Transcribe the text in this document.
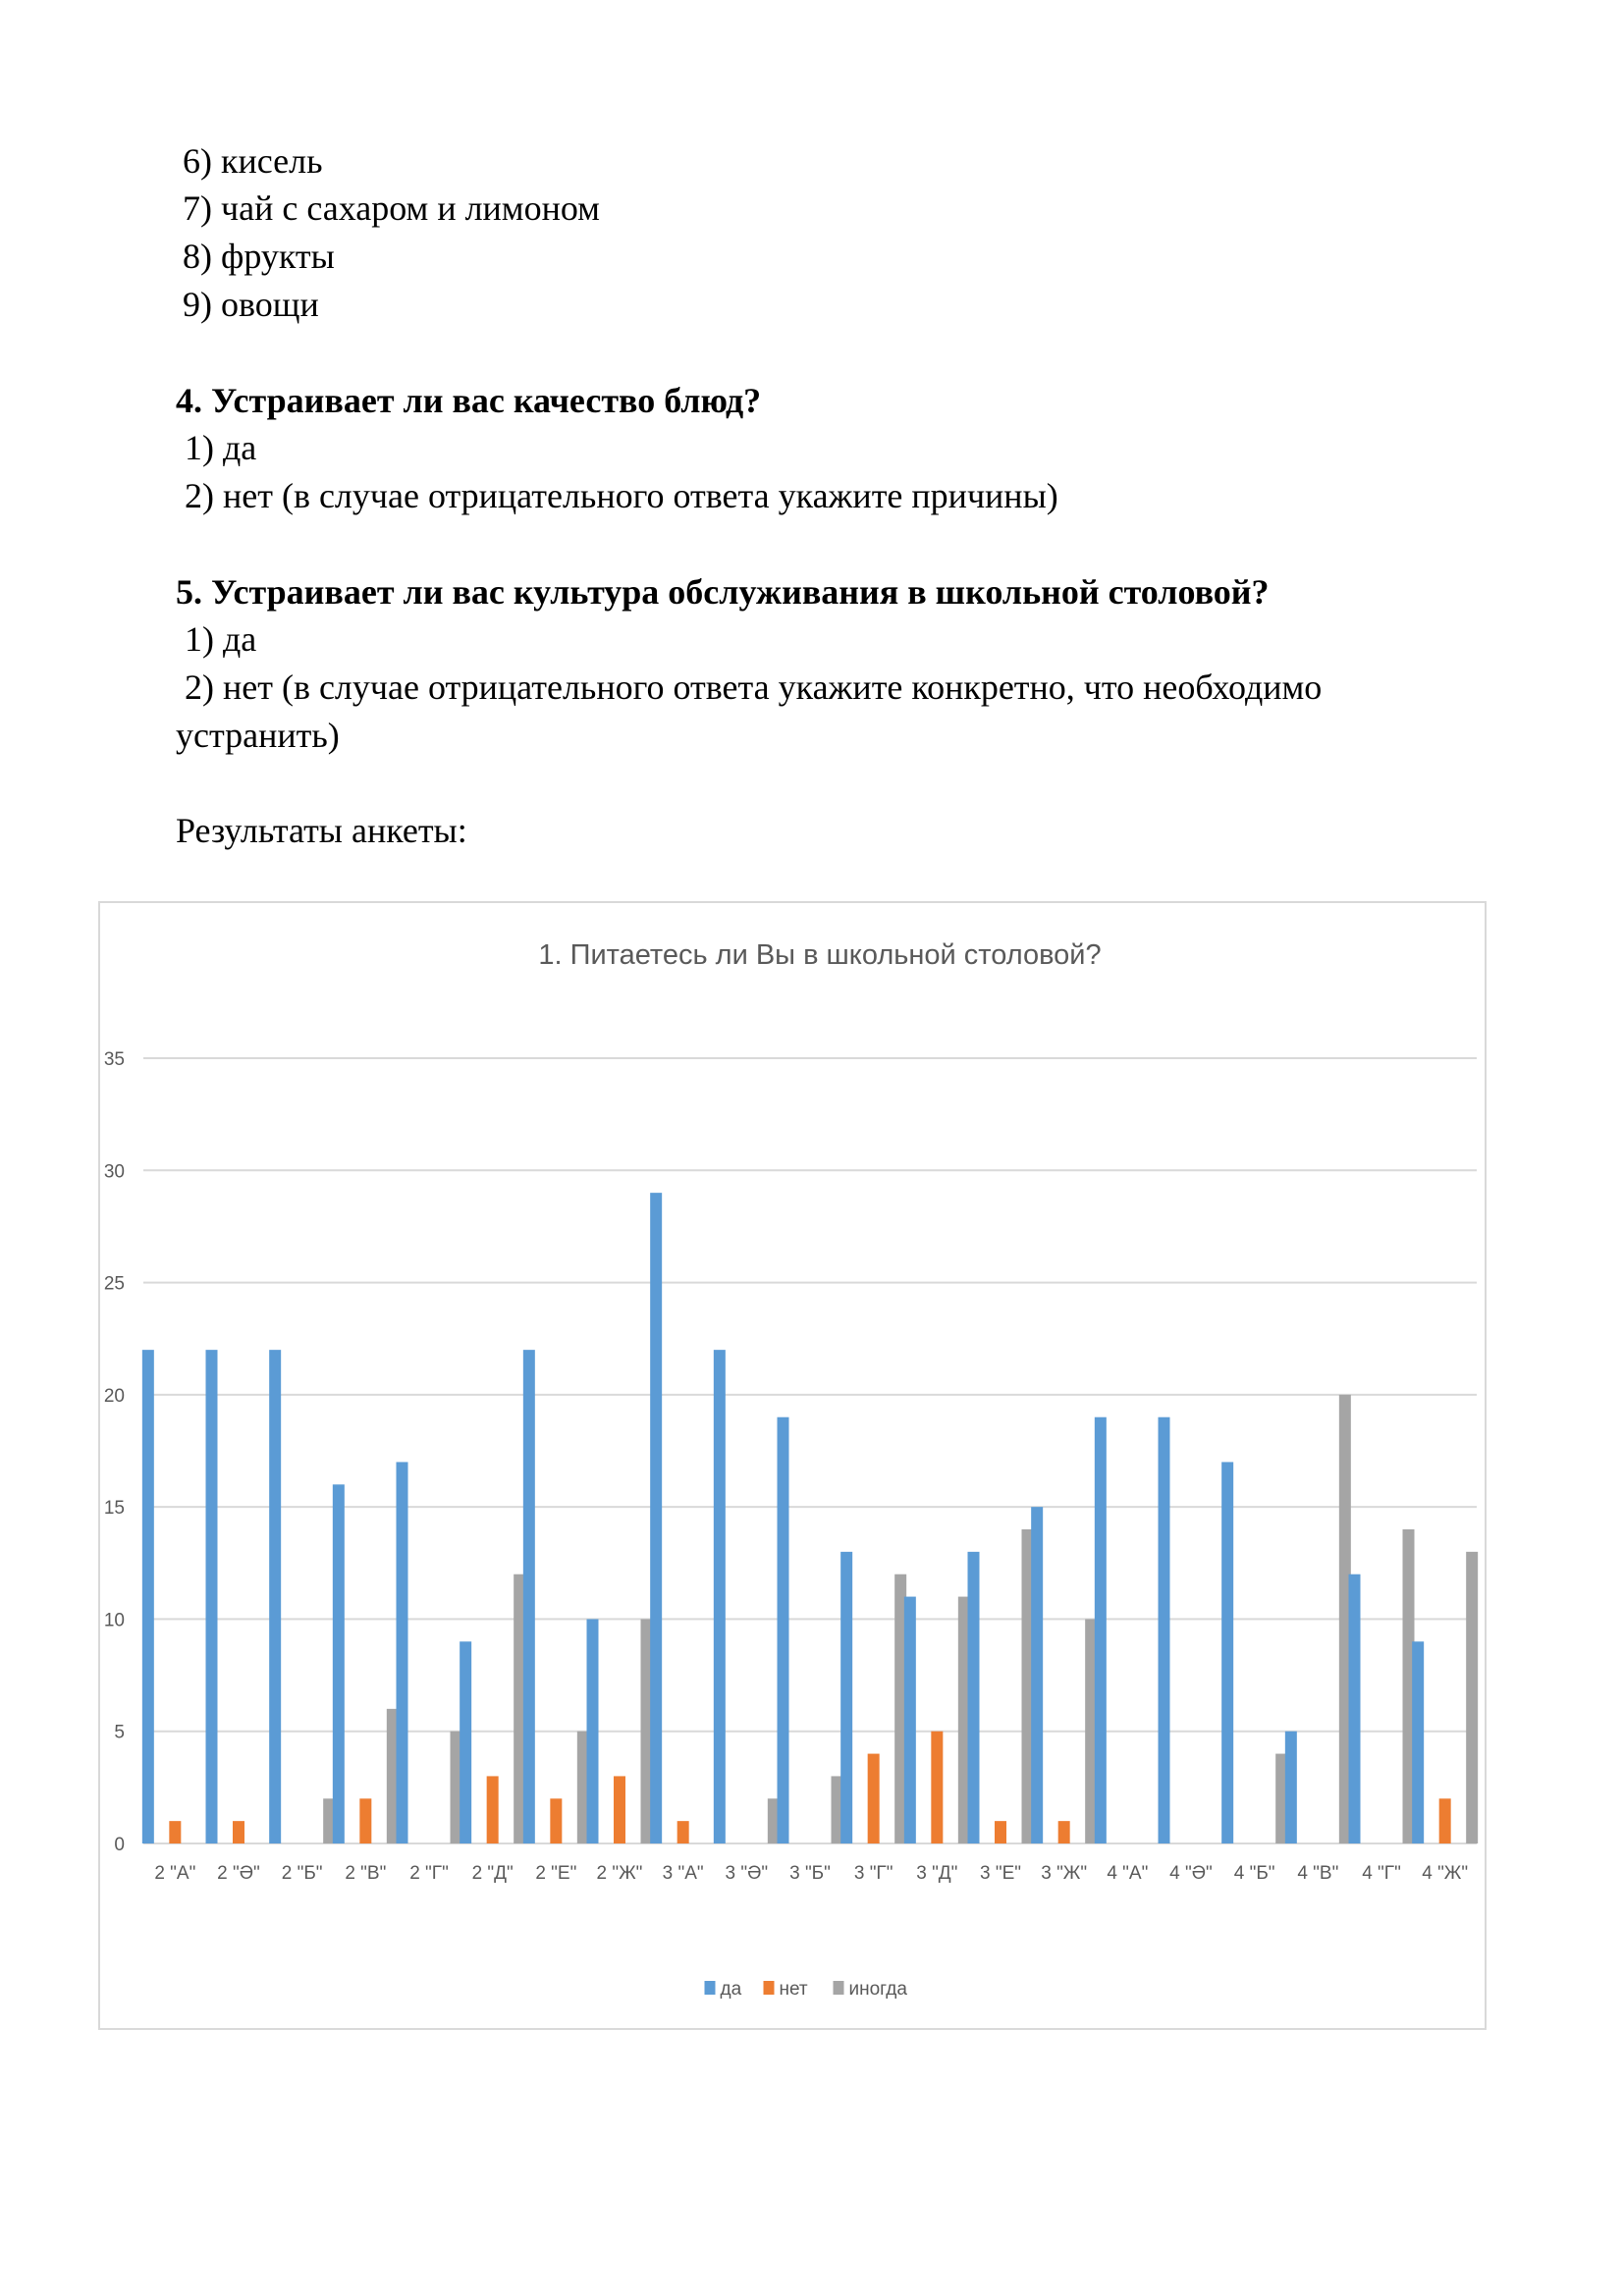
6) кисель
7) чай с сахаром и лимоном
8) фрукты
9) овощи
4. Устраивает ли вас качество блюд?
1) да
2) нет (в случае отрицательного ответа укажите причины)
5. Устраивает ли вас культура обслуживания в школьной столовой?
1) да
2) нет (в случае отрицательного ответа укажите конкретно, что необходимо
устранить)
Результаты анкеты:
1. Питаетесь ли Вы в школьной столовой?
0
5
10
15
20
25
30
35
2 "А" 2 "Ә" 2 "Б" 2 "В" 2 "Г" 2 "Д" 2 "Е" 2 "Ж" 3 "А" 3 "Ә" 3 "Б" 3 "Г" 3 "Д" 3 "Е" 3 "Ж" 4 "А" 4 "Ә" 4 "Б" 4 "В" 4 "Г" 4 "Ж"
да нет иногда
